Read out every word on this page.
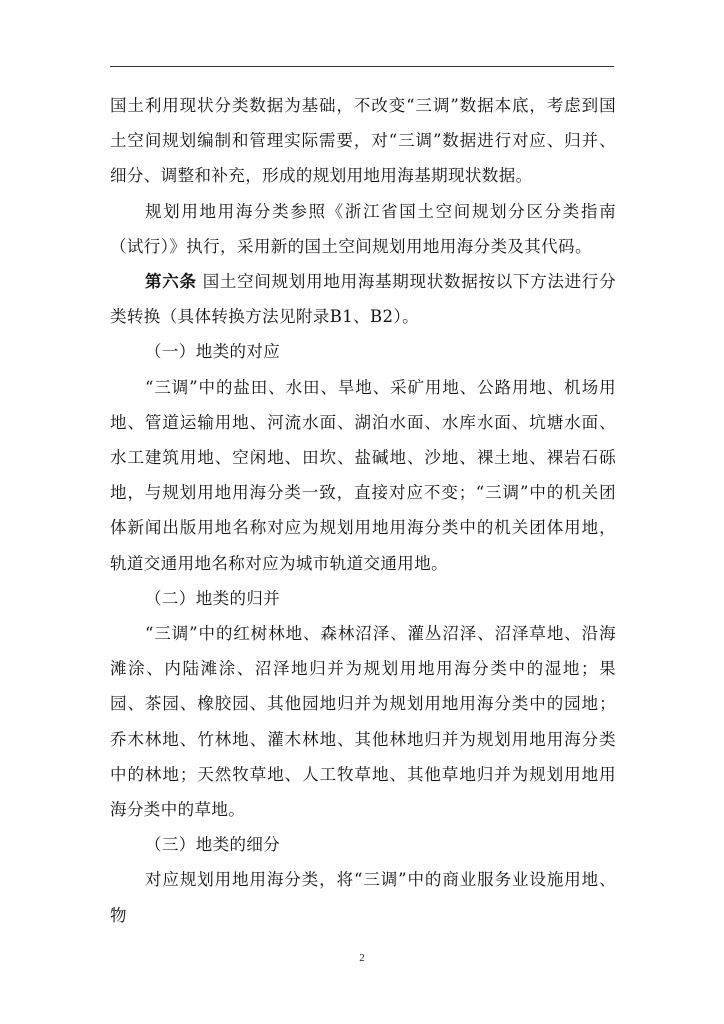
国土利用现状分类数据为基础，不改变“三调”数据本底，考虑到国土空间规划编制和管理实际需要，对“三调”数据进行对应、归并、细分、调整和补充，形成的规划用地用海基期现状数据。

规划用地用海分类参照《浙江省国土空间规划分区分类指南（试行）》执行，采用新的国土空间规划用地用海分类及其代码。

第六条 国土空间规划用地用海基期现状数据按以下方法进行分类转换（具体转换方法见附录B1、B2）。

（一）地类的对应

“三调”中的盐田、水田、旱地、采矿用地、公路用地、机场用地、管道运输用地、河流水面、湖泊水面、水库水面、坑塘水面、水工建筑用地、空闲地、田坎、盐碱地、沙地、裸土地、裸岩石砾地，与规划用地用海分类一致，直接对应不变；“三调”中的机关团体新闻出版用地名称对应为规划用地用海分类中的机关团体用地，轨道交通用地名称对应为城市轨道交通用地。

（二）地类的归并

“三调”中的红树林地、森林沼泽、灌丛沼泽、沼泽草地、沿海滩涂、内陆滩涂、沼泽地归并为规划用地用海分类中的湿地；果园、茶园、橡胶园、其他园地归并为规划用地用海分类中的园地；乔木林地、竹林地、灌木林地、其他林地归并为规划用地用海分类中的林地；天然牧草地、人工牧草地、其他草地归并为规划用地用海分类中的草地。

（三）地类的细分

对应规划用地用海分类，将“三调”中的商业服务业设施用地、物

2
